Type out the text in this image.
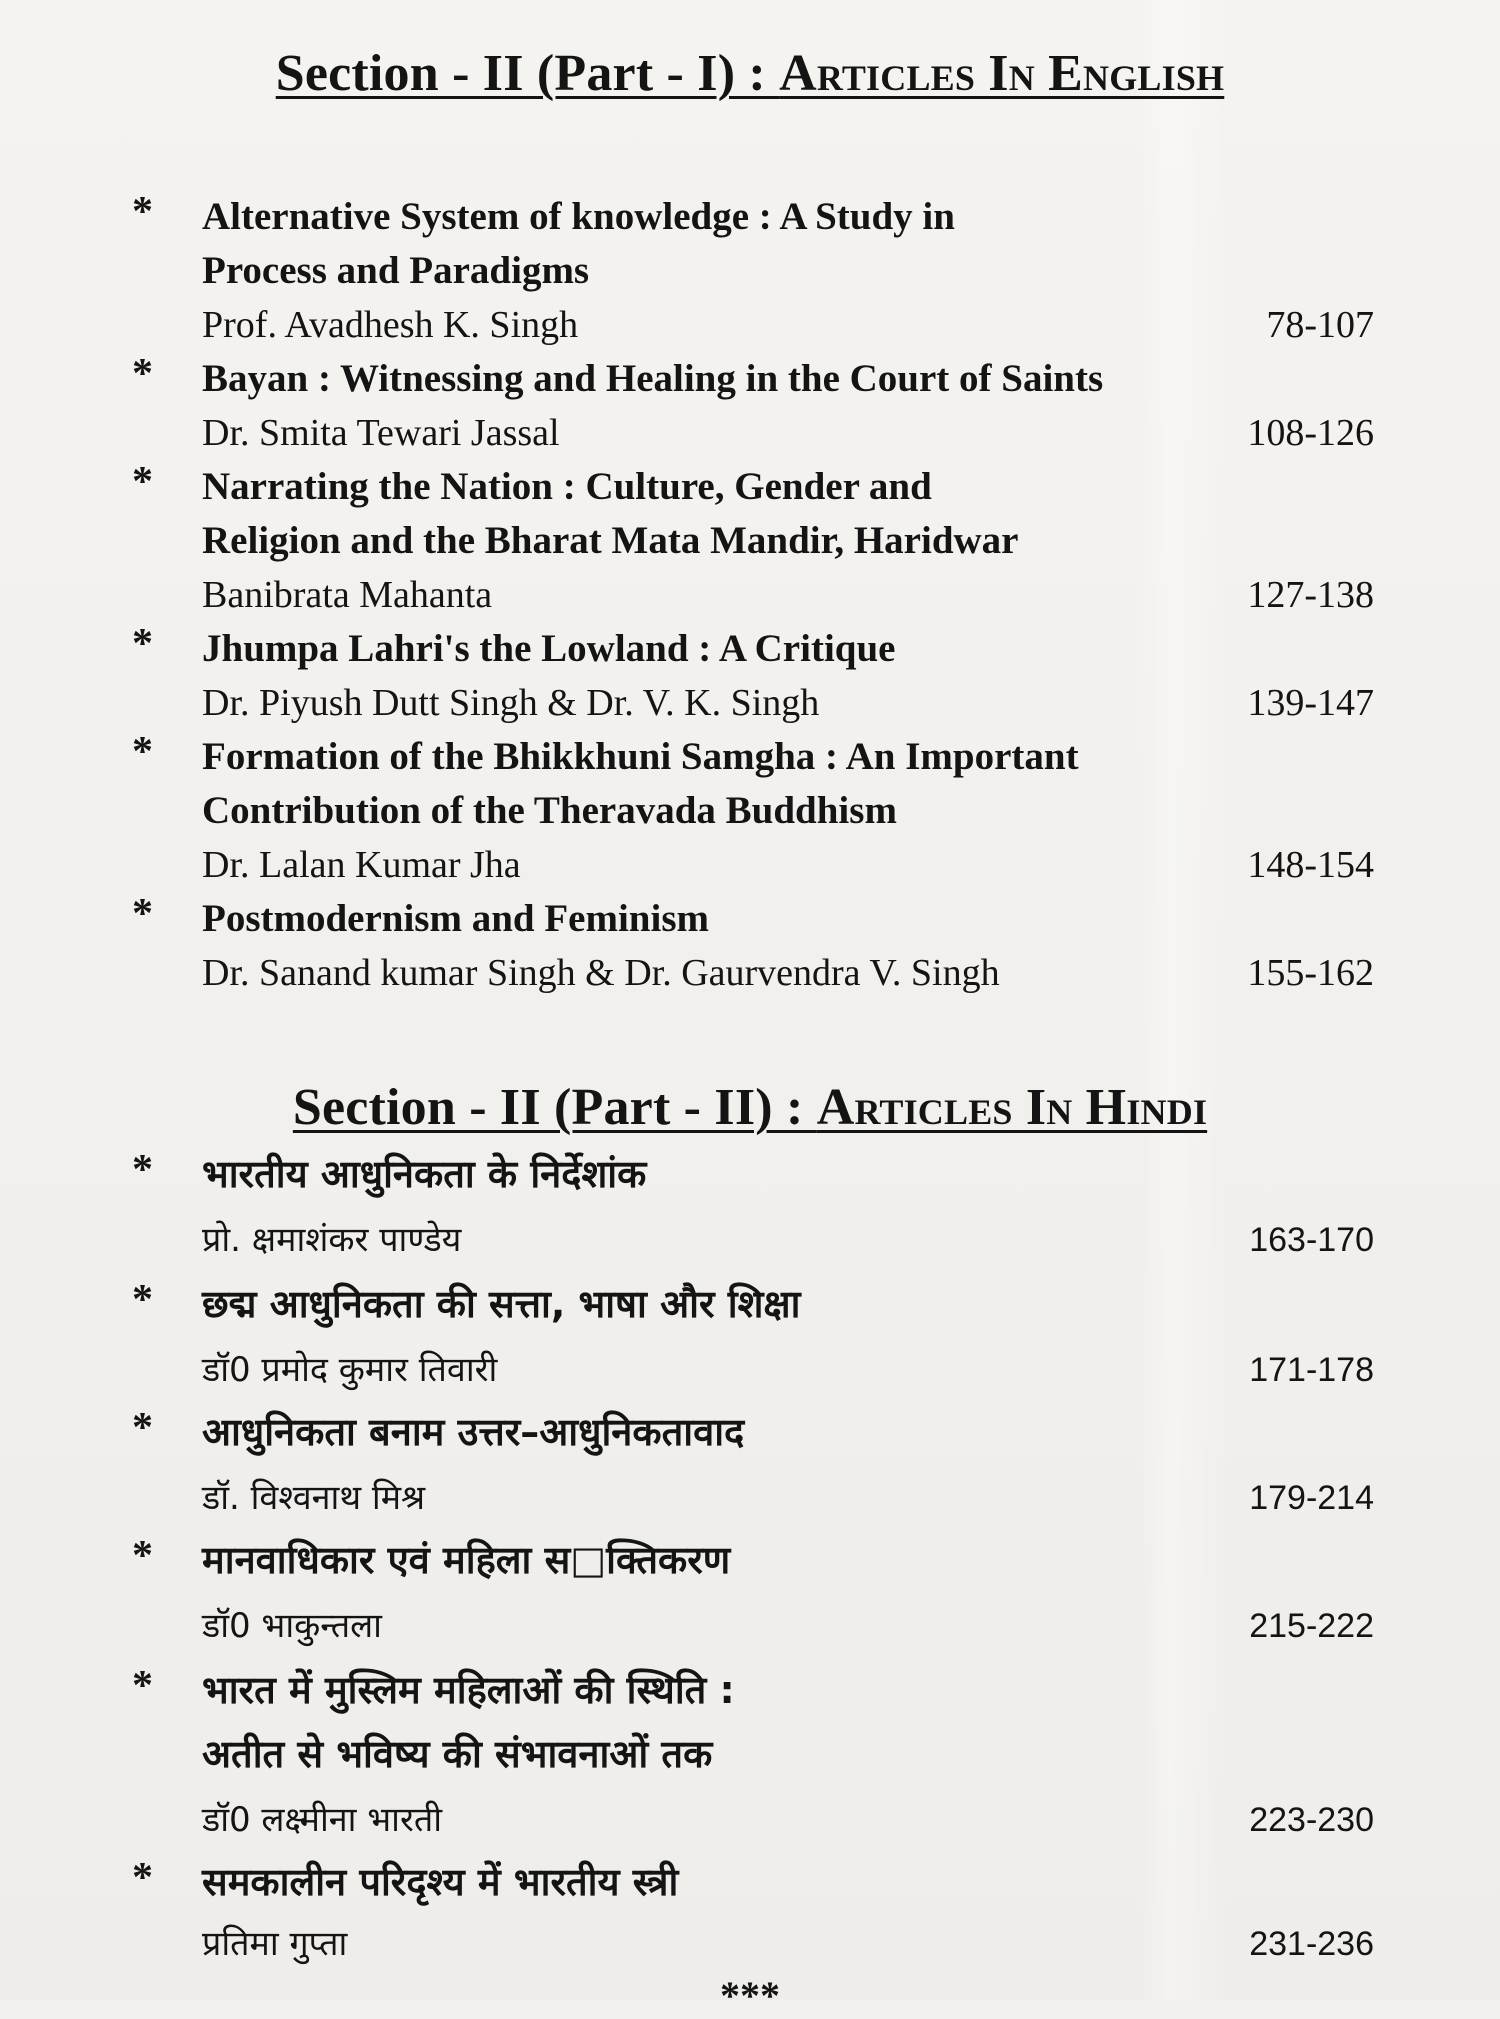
Section - II (Part - I) : Articles In English
* Alternative System of knowledge : A Study in
Process and Paradigms
Prof. Avadhesh K. Singh	78-107
* Bayan : Witnessing and Healing in the Court of Saints
Dr. Smita Tewari Jassal	108-126
* Narrating the Nation : Culture, Gender and
Religion and the Bharat Mata Mandir, Haridwar
Banibrata Mahanta	127-138
* Jhumpa Lahri's the Lowland : A Critique
Dr. Piyush Dutt Singh & Dr. V. K. Singh	139-147
* Formation of the Bhikkhuni Samgha : An Important
Contribution of the Theravada Buddhism
Dr. Lalan Kumar Jha	148-154
* Postmodernism and Feminism
Dr. Sanand kumar Singh & Dr. Gaurvendra V. Singh	155-162
Section - II (Part - II) : Articles In Hindi
* भारतीय आधुनिकता के निर्देशांक
प्रो. क्षमाशंकर पाण्डेय	163-170
* छद्म आधुनिकता की सत्ता, भाषा और शिक्षा
डॉ0 प्रमोद कुमार तिवारी	171-178
* आधुनिकता बनाम उत्तर–आधुनिकतावाद
डॉ. विश्वनाथ मिश्र	179-214
* मानवाधिकार एवं महिला स□क्तिकरण
डॉ0 भाकुन्तला	215-222
* भारत में मुस्लिम महिलाओं की स्थिति :
अतीत से भविष्य की संभावनाओं तक
डॉ0 लक्ष्मीना भारती	223-230
* समकालीन परिदृश्य में भारतीय स्त्री
प्रतिमा गुप्ता	231-236
***
